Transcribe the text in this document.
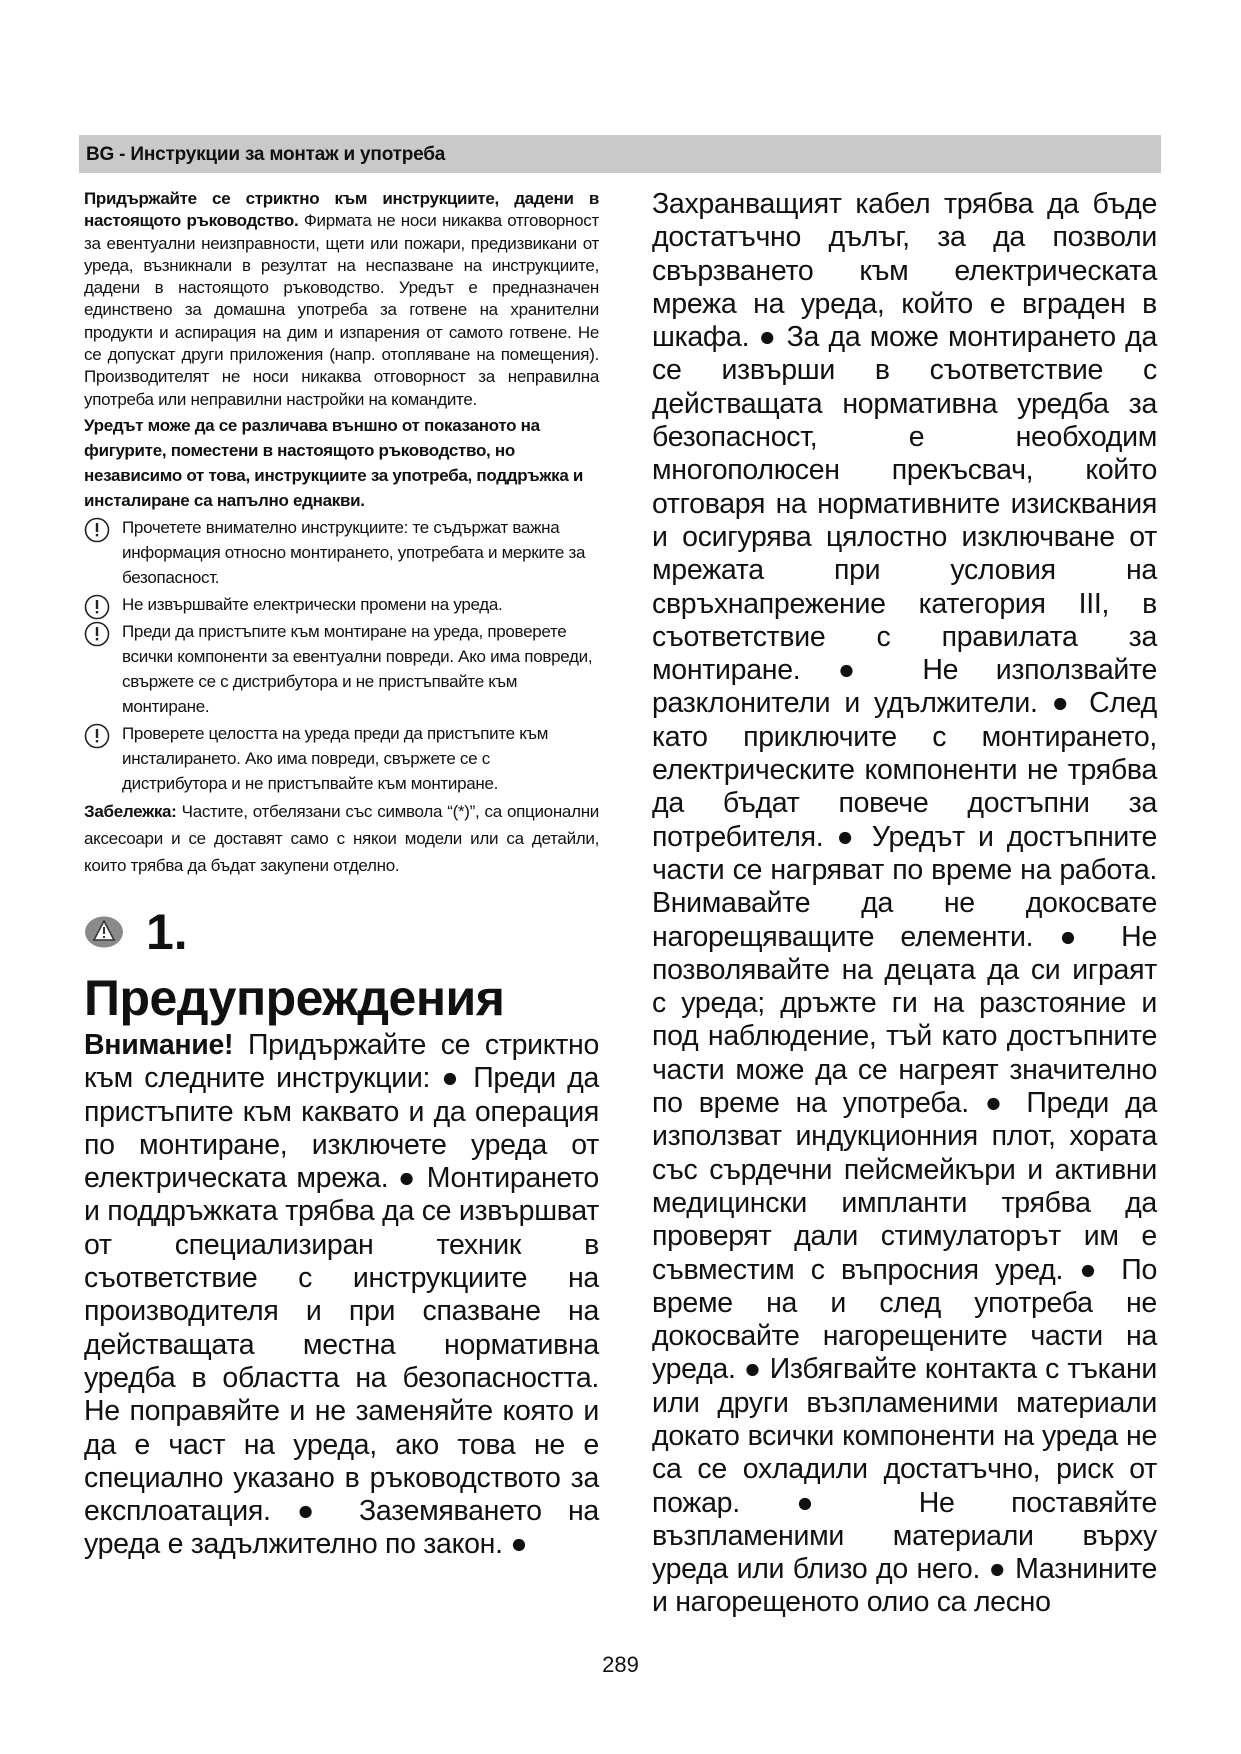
BG - Инструкции за монтаж и употреба
Придържайте се стриктно към инструкциите, дадени в настоящото ръководство. Фирмата не носи никаква отговорност за евентуални неизправности, щети или пожари, предизвикани от уреда, възникнали в резултат на неспазване на инструкциите, дадени в настоящото ръководство. Уредът е предназначен единствено за домашна употреба за готвене на хранителни продукти и аспирация на дим и изпарения от самото готвене. Не се допускат други приложения (напр. отопляване на помещения). Производителят не носи никаква отговорност за неправилна употреба или неправилни настройки на командите.
Уредът може да се различава външно от показаното на фигурите, поместени в настоящото ръководство, но независимо от това, инструкциите за употреба, поддръжка и инсталиране са напълно еднакви.
Прочетете внимателно инструкциите: те съдържат важна информация относно монтирането, употребата и мерките за безопасност.
Не извършвайте електрически промени на уреда.
Преди да пристъпите към монтиране на уреда, проверете всички компоненти за евентуални повреди. Ако има повреди, свържете се с дистрибутора и не пристъпвайте към монтиране.
Проверете целостта на уреда преди да пристъпите към инсталирането. Ако има повреди, свържете се с дистрибутора и не пристъпвайте към монтиране.
Забележка: Частите, отбелязани със символа “(*)”, са опционални аксесоари и се доставят само с някои модели или са детайли, които трябва да бъдат закупени отделно.
1.
Предупреждения
Внимание! Придържайте се стриктно към следните инструкции: ● Преди да пристъпите към каквато и да операция по монтиране, изключете уреда от електрическата мрежа. ● Монтирането и поддръжката трябва да се извършват от специализиран техник в съответствие с инструкциите на производителя и при спазване на действащата местна нормативна уредба в областта на безопасността. Не поправяйте и не заменяйте която и да е част на уреда, ако това не е специално указано в ръководството за експлоатация. ● Заземяването на уреда е задължително по закон. ●
Захранващият кабел трябва да бъде достатъчно дълъг, за да позволи свързването към електрическата мрежа на уреда, който е вграден в шкафа. ● За да може монтирането да се извърши в съответствие с действащата нормативна уредба за безопасност, е необходим многополюсен прекъсвач, който отговаря на нормативните изисквания и осигурява цялостно изключване от мрежата при условия на свръхнапрежение категория III, в съответствие с правилата за монтиране. ● Не използвайте разклонители и удължители. ● След като приключите с монтирането, електрическите компоненти не трябва да бъдат повече достъпни за потребителя. ● Уредът и достъпните части се нагряват по време на работа. Внимавайте да не докосвате нагорещяващите елементи. ● Не позволявайте на децата да си играят с уреда; дръжте ги на разстояние и под наблюдение, тъй като достъпните части може да се нагреят значително по време на употреба. ● Преди да използват индукционния плот, хората със сърдечни пейсмейкъри и активни медицински импланти трябва да проверят дали стимулаторът им е съвместим с въпросния уред. ● По време на и след употреба не докосвайте нагорещените части на уреда. ● Избягвайте контакта с тъкани или други възпламеними материали докато всички компоненти на уреда не са се охладили достатъчно, риск от пожар. ● Не поставяйте възпламеними материали върху уреда или близо до него. ● Мазнините и нагорещеното олио са лесно
289
